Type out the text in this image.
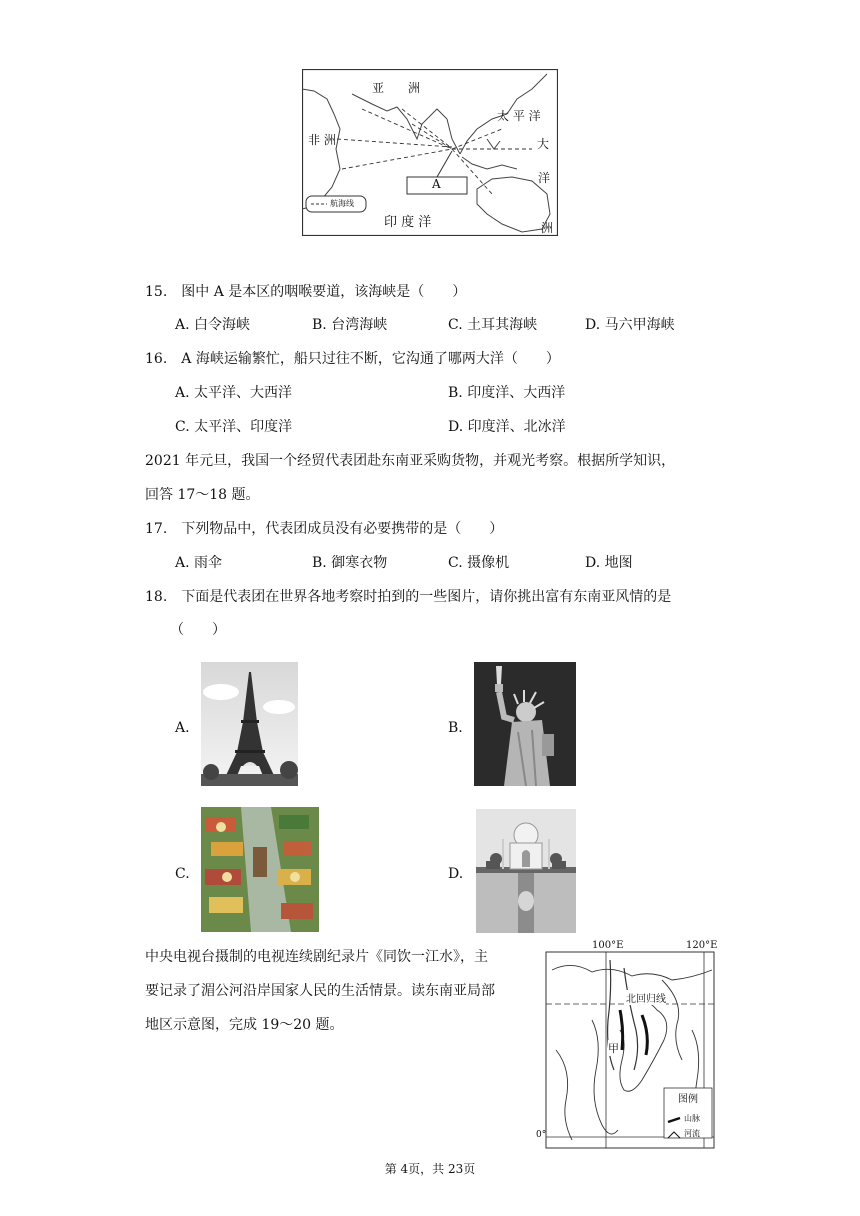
亚　　洲
非 洲
太 平 洋
大
洋
洲
印 度 洋
A
航海线
15.　图中 A 是本区的咽喉要道，该海峡是（　　）
A. 白令海峡	B. 台湾海峡	C. 土耳其海峡	D. 马六甲海峡
16.　A 海峡运输繁忙，船只过往不断，它沟通了哪两大洋（　　）
A. 太平洋、大西洋	B. 印度洋、大西洋
C. 太平洋、印度洋	D. 印度洋、北冰洋
2021 年元旦，我国一个经贸代表团赴东南亚采购货物，并观光考察。根据所学知识，
回答 17～18 题。
17.　下列物品中，代表团成员没有必要携带的是（　　）
A. 雨伞	B. 御寒衣物	C. 摄像机	D. 地图
18.　下面是代表团在世界各地考察时拍到的一些图片，请你挑出富有东南亚风情的是
（　　）
A.	B.
C.	D.
中央电视台摄制的电视连续剧纪录片《同饮一江水》，主
要记录了湄公河沿岸国家人民的生活情景。读东南亚局部
地区示意图，完成 19～20 题。
100°E	120°E
北回归线
甲
0°
图例
山脉
河流
第 4页，共 23页
